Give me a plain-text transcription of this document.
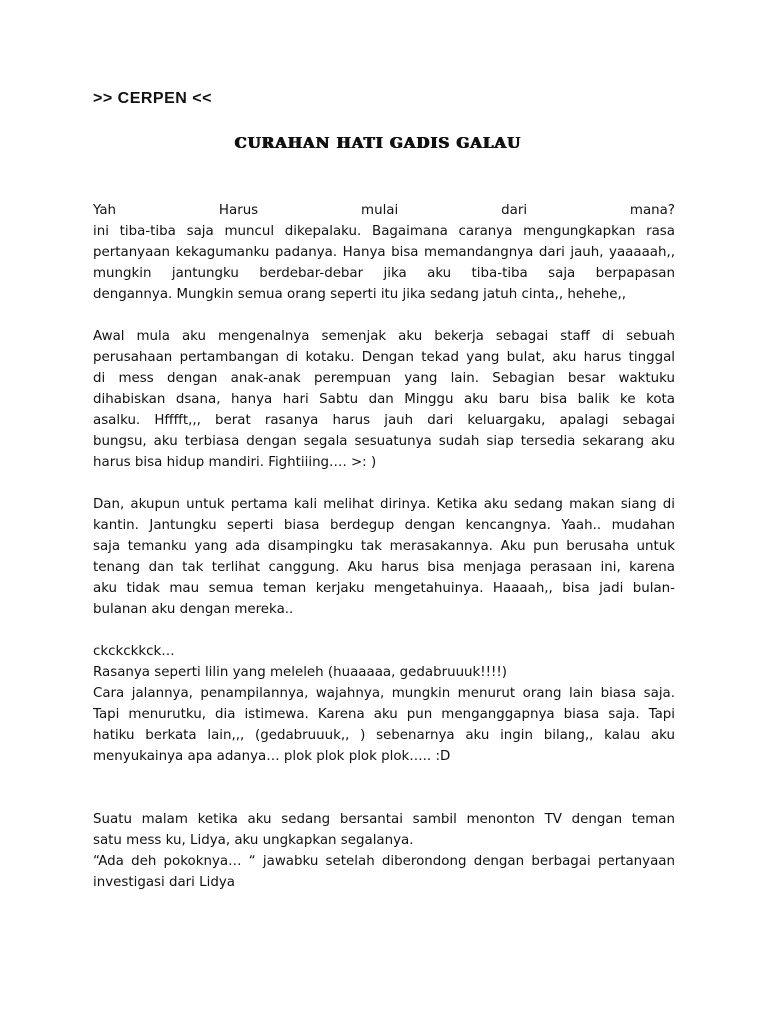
>> CERPEN <<

CURAHAN HATI GADIS GALAU

Yah Harus mulai dari mana?
ini tiba-tiba saja muncul dikepalaku. Bagaimana caranya mengungkapkan rasa
pertanyaan kekagumanku padanya. Hanya bisa memandangnya dari jauh, yaaaaah,,
mungkin jantungku berdebar-debar jika aku tiba-tiba saja berpapasan
dengannya. Mungkin semua orang seperti itu jika sedang jatuh cinta,, hehehe,,
Awal mula aku mengenalnya semenjak aku bekerja sebagai staff di sebuah
perusahaan pertambangan di kotaku. Dengan tekad yang bulat, aku harus tinggal
di mess dengan anak-anak perempuan yang lain. Sebagian besar waktuku
dihabiskan dsana, hanya hari Sabtu dan Minggu aku baru bisa balik ke kota
asalku. Hfffft,,, berat rasanya harus jauh dari keluargaku, apalagi sebagai
bungsu, aku terbiasa dengan segala sesuatunya sudah siap tersedia sekarang aku
harus bisa hidup mandiri. Fightiiing…. >: )
Dan, akupun untuk pertama kali melihat dirinya. Ketika aku sedang makan siang di
kantin. Jantungku seperti biasa berdegup dengan kencangnya. Yaah.. mudahan
saja temanku yang ada disampingku tak merasakannya. Aku pun berusaha untuk
tenang dan tak terlihat canggung. Aku harus bisa menjaga perasaan ini, karena
aku tidak mau semua teman kerjaku mengetahuinya. Haaaah,, bisa jadi bulan-
bulanan aku dengan mereka..
ckckckkck…
Rasanya seperti lilin yang meleleh (huaaaaa, gedabruuuk!!!!)
Cara jalannya, penampilannya, wajahnya, mungkin menurut orang lain biasa saja.
Tapi menurutku, dia istimewa. Karena aku pun menganggapnya biasa saja. Tapi
hatiku berkata lain,,, (gedabruuuk,, ) sebenarnya aku ingin bilang,, kalau aku
menyukainya apa adanya… plok plok plok plok….. :D
Suatu malam ketika aku sedang bersantai sambil menonton TV dengan teman
satu mess ku, Lidya, aku ungkapkan segalanya.
“Ada deh pokoknya… “ jawabku setelah diberondong dengan berbagai pertanyaan
investigasi dari Lidya
